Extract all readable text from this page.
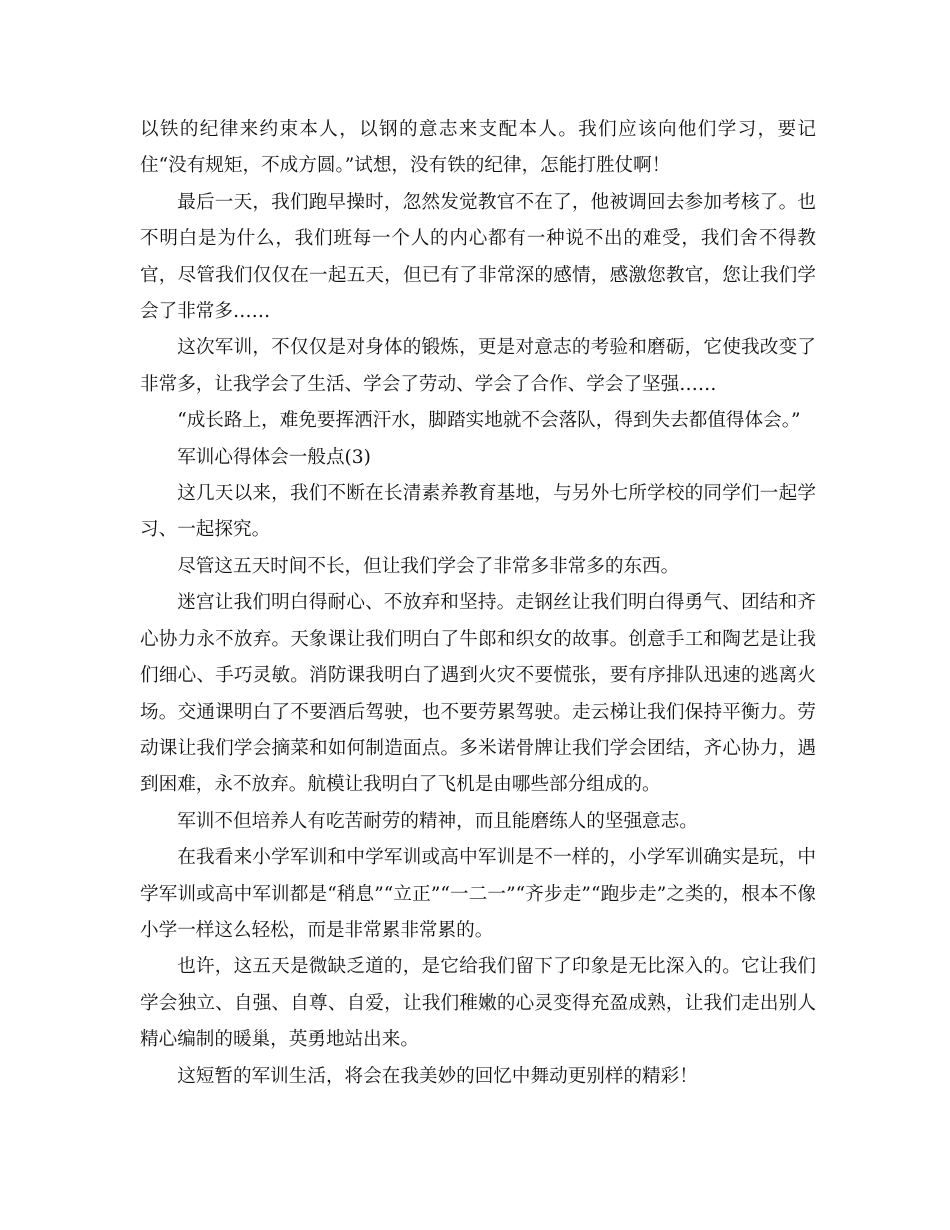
以铁的纪律来约束本人，以钢的意志来支配本人。我们应该向他们学习，要记住“没有规矩，不成方圆。”试想，没有铁的纪律，怎能打胜仗啊！

最后一天，我们跑早操时，忽然发觉教官不在了，他被调回去参加考核了。也不明白是为什么，我们班每一个人的内心都有一种说不出的难受，我们舍不得教官，尽管我们仅仅在一起五天，但已有了非常深的感情，感激您教官，您让我们学会了非常多……

这次军训，不仅仅是对身体的锻炼，更是对意志的考验和磨砺，它使我改变了非常多，让我学会了生活、学会了劳动、学会了合作、学会了坚强……

“成长路上，难免要挥洒汗水，脚踏实地就不会落队，得到失去都值得体会。”

军训心得体会一般点(3)

这几天以来，我们不断在长清素养教育基地，与另外七所学校的同学们一起学习、一起探究。

尽管这五天时间不长，但让我们学会了非常多非常多的东西。

迷宫让我们明白得耐心、不放弃和坚持。走钢丝让我们明白得勇气、团结和齐心协力永不放弃。天象课让我们明白了牛郎和织女的故事。创意手工和陶艺是让我们细心、手巧灵敏。消防课我明白了遇到火灾不要慌张，要有序排队迅速的逃离火场。交通课明白了不要酒后驾驶，也不要劳累驾驶。走云梯让我们保持平衡力。劳动课让我们学会摘菜和如何制造面点。多米诺骨牌让我们学会团结，齐心协力，遇到困难，永不放弃。航模让我明白了飞机是由哪些部分组成的。

军训不但培养人有吃苦耐劳的精神，而且能磨练人的坚强意志。

在我看来小学军训和中学军训或高中军训是不一样的，小学军训确实是玩，中学军训或高中军训都是“稍息”“立正”“一二一”“齐步走”“跑步走”之类的，根本不像小学一样这么轻松，而是非常累非常累的。

也许，这五天是微缺乏道的，是它给我们留下了印象是无比深入的。它让我们学会独立、自强、自尊、自爱，让我们稚嫩的心灵变得充盈成熟，让我们走出别人精心编制的暖巢，英勇地站出来。

这短暂的军训生活，将会在我美妙的回忆中舞动更别样的精彩！
